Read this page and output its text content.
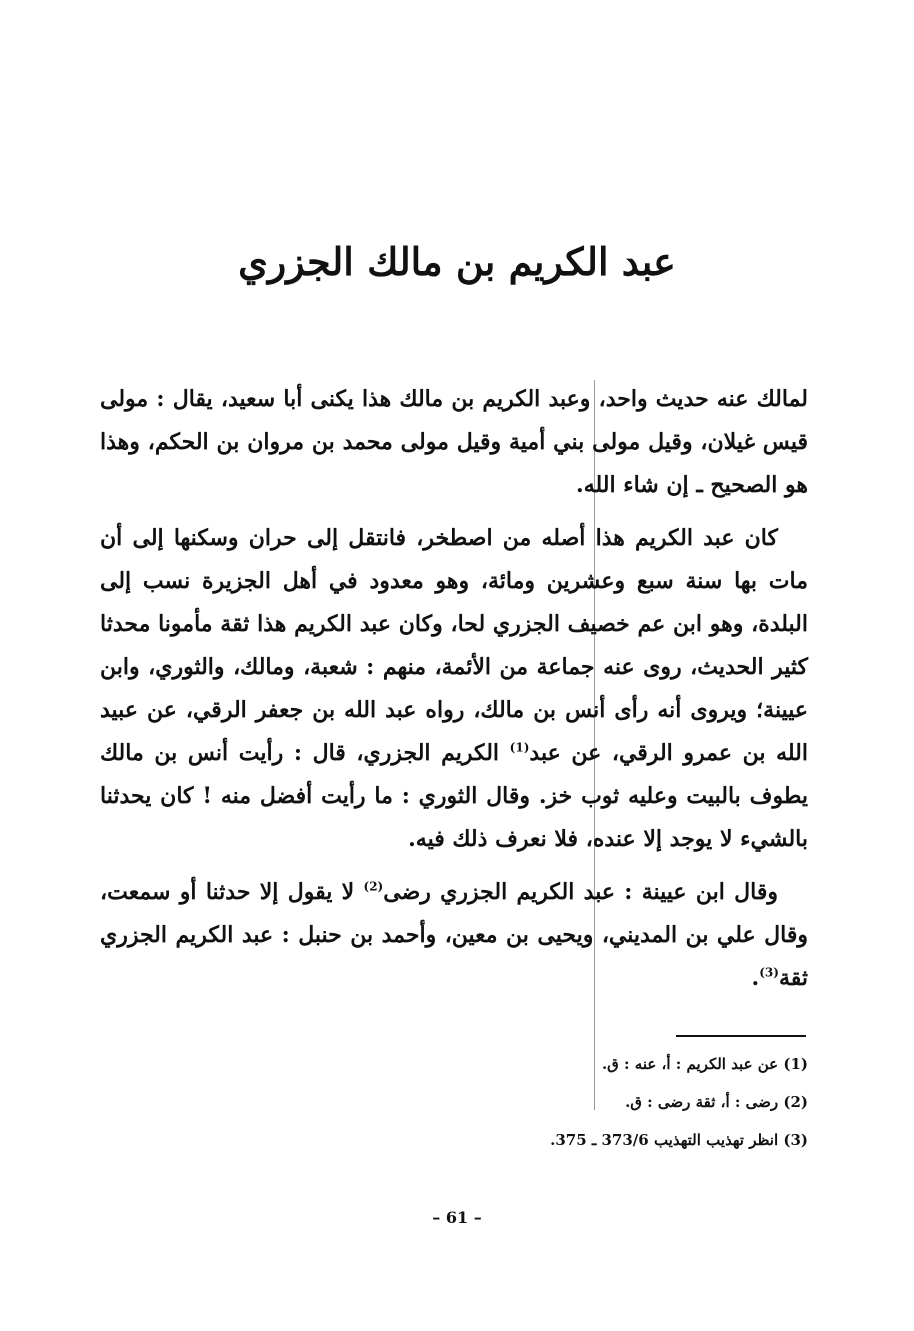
عبد الكريم بن مالك الجزري

لمالك عنه حديث واحد، وعبد الكريم بن مالك هذا يكنى أبا سعيد، يقال : مولى قيس غيلان، وقيل مولى بني أمية وقيل مولى محمد بن مروان بن الحكم، وهذا هو الصحيح ـ إن شاء الله.

كان عبد الكريم هذا أصله من اصطخر، فانتقل إلى حران وسكنها إلى أن مات بها سنة سبع وعشرين ومائة، وهو معدود في أهل الجزيرة نسب إلى البلدة، وهو ابن عم خصيف الجزري لحا، وكان عبد الكريم هذا ثقة مأمونا محدثا كثير الحديث، روى عنه جماعة من الأئمة، منهم : شعبة، ومالك، والثوري، وابن عيينة؛ ويروى أنه رأى أنس بن مالك، رواه عبد الله بن جعفر الرقي، عن عبيد الله بن عمرو الرقي، عن عبد$^{(1)}$ الكريم الجزري، قال : رأيت أنس بن مالك يطوف بالبيت وعليه ثوب خز. وقال الثوري : ما رأيت أفضل منه ! كان يحدثنا بالشيء لا يوجد إلا عنده، فلا نعرف ذلك فيه.

وقال ابن عيينة : عبد الكريم الجزري رضى$^{(2)}$ لا يقول إلا حدثنا أو سمعت، وقال علي بن المديني، ويحيى بن معين، وأحمد بن حنبل : عبد الكريم الجزري ثقة$^{(3)}$.

(1) عن عبد الكريم : أ، عنه : ق.

(2) رضى : أ، ثقة رضى : ق.

(3) انظر تهذيب التهذيب 373/6 ـ 375.

– 61 –
